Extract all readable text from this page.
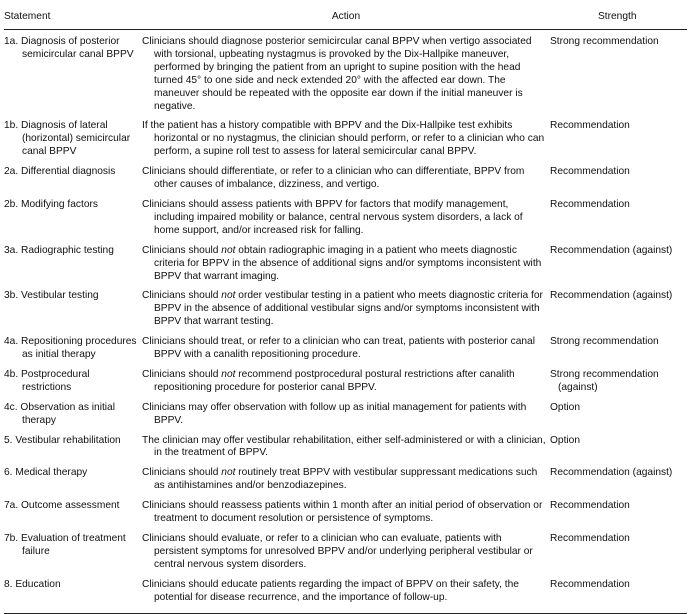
Statement	Action	Strength
1a. Diagnosis of posterior semicircular canal BPPV	Clinicians should diagnose posterior semicircular canal BPPV when vertigo associated with torsional, upbeating nystagmus is provoked by the Dix-Hallpike maneuver, performed by bringing the patient from an upright to supine position with the head turned 45° to one side and neck extended 20° with the affected ear down. The maneuver should be repeated with the opposite ear down if the initial maneuver is negative.	Strong recommendation
1b. Diagnosis of lateral (horizontal) semicircular canal BPPV	If the patient has a history compatible with BPPV and the Dix-Hallpike test exhibits horizontal or no nystagmus, the clinician should perform, or refer to a clinician who can perform, a supine roll test to assess for lateral semicircular canal BPPV.	Recommendation
2a. Differential diagnosis	Clinicians should differentiate, or refer to a clinician who can differentiate, BPPV from other causes of imbalance, dizziness, and vertigo.	Recommendation
2b. Modifying factors	Clinicians should assess patients with BPPV for factors that modify management, including impaired mobility or balance, central nervous system disorders, a lack of home support, and/or increased risk for falling.	Recommendation
3a. Radiographic testing	Clinicians should not obtain radiographic imaging in a patient who meets diagnostic criteria for BPPV in the absence of additional signs and/or symptoms inconsistent with BPPV that warrant imaging.	Recommendation (against)
3b. Vestibular testing	Clinicians should not order vestibular testing in a patient who meets diagnostic criteria for BPPV in the absence of additional vestibular signs and/or symptoms inconsistent with BPPV that warrant testing.	Recommendation (against)
4a. Repositioning procedures as initial therapy	Clinicians should treat, or refer to a clinician who can treat, patients with posterior canal BPPV with a canalith repositioning procedure.	Strong recommendation
4b. Postprocedural restrictions	Clinicians should not recommend postprocedural postural restrictions after canalith repositioning procedure for posterior canal BPPV.	Strong recommendation (against)
4c. Observation as initial therapy	Clinicians may offer observation with follow up as initial management for patients with BPPV.	Option
5. Vestibular rehabilitation	The clinician may offer vestibular rehabilitation, either self-administered or with a clinician, in the treatment of BPPV.	Option
6. Medical therapy	Clinicians should not routinely treat BPPV with vestibular suppressant medications such as antihistamines and/or benzodiazepines.	Recommendation (against)
7a. Outcome assessment	Clinicians should reassess patients within 1 month after an initial period of observation or treatment to document resolution or persistence of symptoms.	Recommendation
7b. Evaluation of treatment failure	Clinicians should evaluate, or refer to a clinician who can evaluate, patients with persistent symptoms for unresolved BPPV and/or underlying peripheral vestibular or central nervous system disorders.	Recommendation
8. Education	Clinicians should educate patients regarding the impact of BPPV on their safety, the potential for disease recurrence, and the importance of follow-up.	Recommendation
